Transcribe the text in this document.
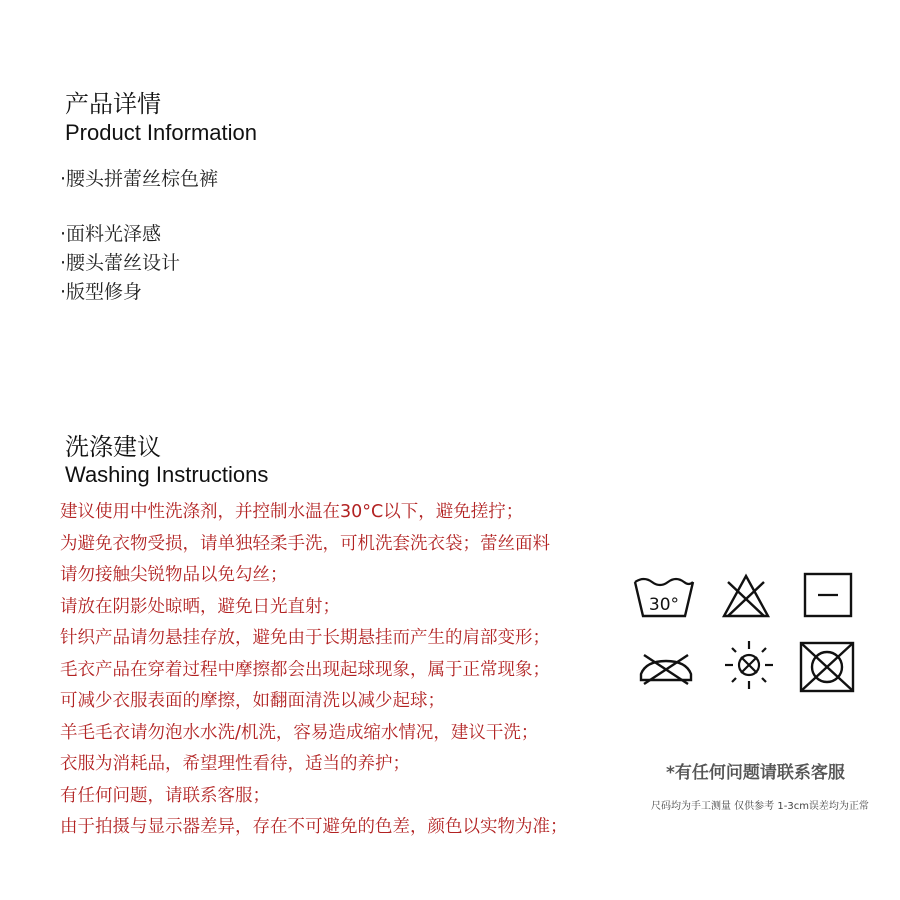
产品详情
Product Information
·腰头拼蕾丝棕色裤
·面料光泽感
·腰头蕾丝设计
·版型修身
洗涤建议
Washing Instructions
建议使用中性洗涤剂，并控制水温在30°C以下，避免搓拧；
为避免衣物受损，请单独轻柔手洗，可机洗套洗衣袋；蕾丝面料
请勿接触尖锐物品以免勾丝；
请放在阴影处晾晒，避免日光直射；
针织产品请勿悬挂存放，避免由于长期悬挂而产生的肩部变形；
毛衣产品在穿着过程中摩擦都会出现起球现象，属于正常现象；
可减少衣服表面的摩擦，如翻面清洗以减少起球；
羊毛毛衣请勿泡水水洗/机洗，容易造成缩水情况，建议干洗；
衣服为消耗品，希望理性看待，适当的养护；
有任何问题，请联系客服；
由于拍摄与显示器差异，存在不可避免的色差，颜色以实物为准；
30°
*有任何问题请联系客服
尺码均为手工测量 仅供参考 1-3cm误差均为正常
